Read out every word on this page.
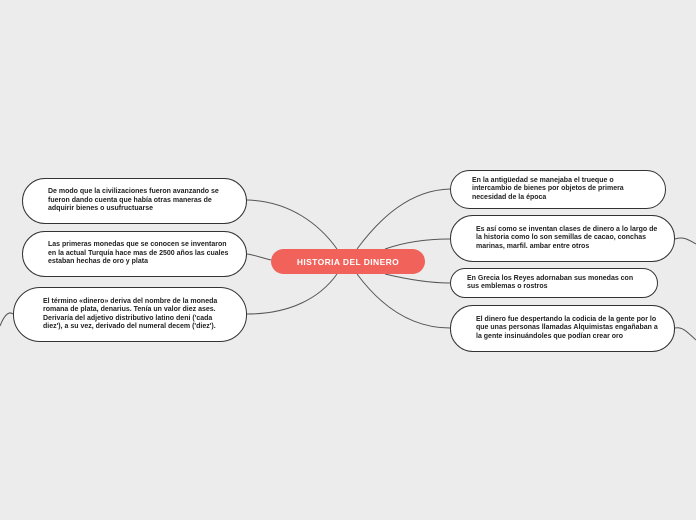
HISTORIA DEL DINERO
De modo que la civilizaciones fueron avanzando se fueron dando cuenta que había otras maneras de adquirir bienes o usufructuarse
Las primeras monedas que se conocen se inventaron en la actual Turquía hace mas de 2500 años las cuales estaban hechas de oro y plata
El término «dinero» deriva del nombre de la moneda romana de plata, denarius. Tenía un valor diez ases. Derivaría del adjetivo distributivo latino deni ('cada diez'), a su vez, derivado del numeral decem ('diez').
En la antigüedad se manejaba el trueque o intercambio de bienes por objetos de primera necesidad de la época
Es así como se inventan clases de dinero a lo largo de la historia como lo son semillas de cacao, conchas marinas, marfil. ambar entre otros
En Grecia los Reyes adornaban sus monedas con sus emblemas o rostros
El dinero fue despertando la codicia de la gente por lo que unas personas llamadas Alquimistas engañaban a la gente insinuándoles que podían crear oro
